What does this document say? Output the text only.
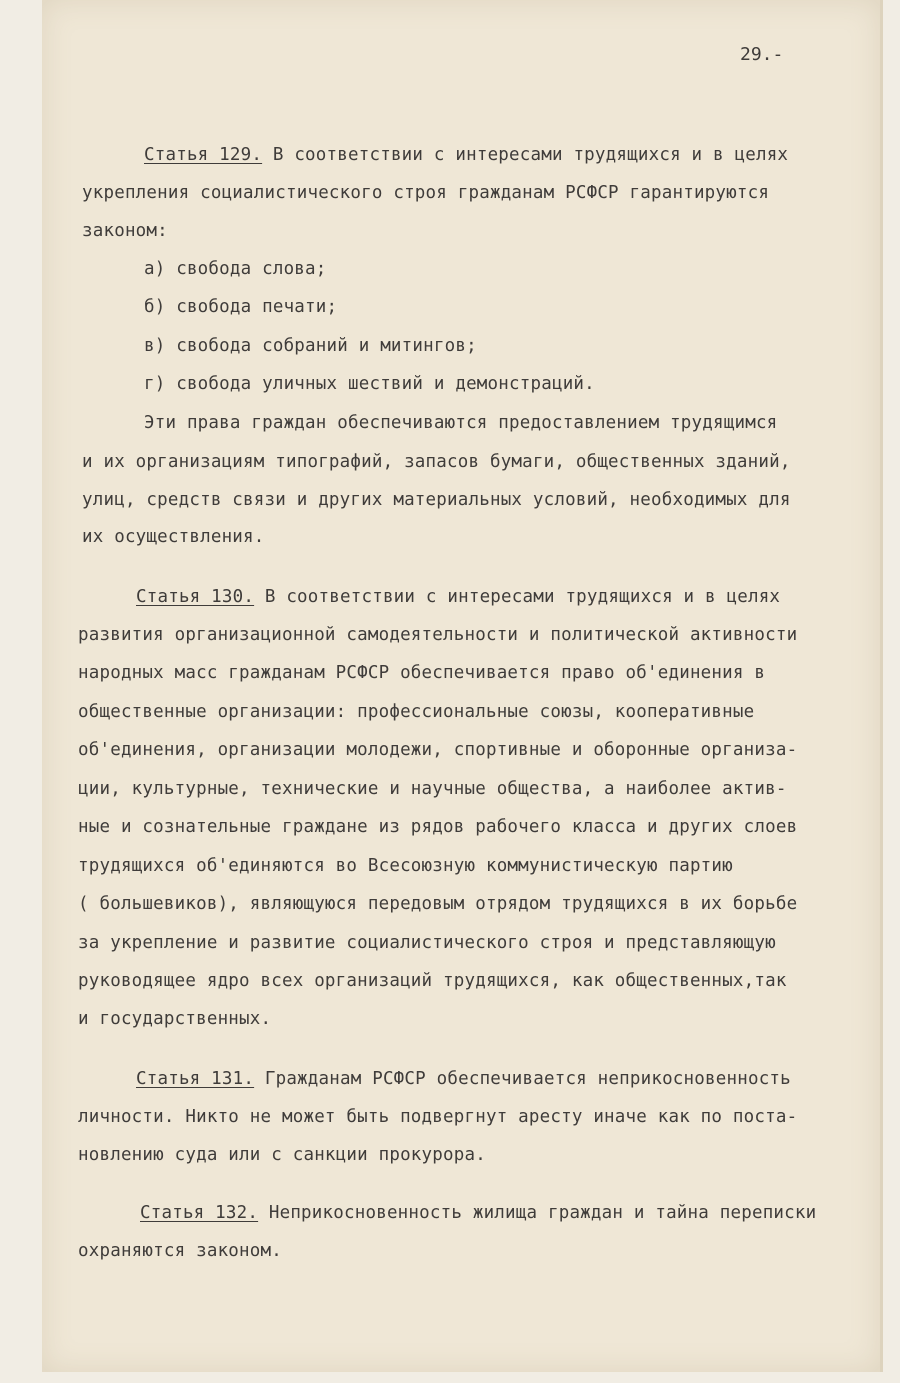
29.-

Статья 129. В соответствии с интересами трудящихся и в целях

укрепления социалистического строя гражданам РСФСР гарантируются

законом:

а) свобода слова;

б) свобода печати;

в) свобода собраний и митингов;

г) свобода уличных шествий и демонстраций.

Эти права граждан обеспечиваются предоставлением трудящимся

и их организациям типографий, запасов бумаги, общественных зданий,

улиц, средств связи и других материальных условий, необходимых для

их осуществления.

Статья 130. В соответствии с интересами трудящихся и в целях

развития организационной самодеятельности и политической активности

народных масс гражданам РСФСР обеспечивается право об'единения в

общественные организации: профессиональные союзы, кооперативные

об'единения, организации молодежи, спортивные и оборонные организа-

ции, культурные, технические и научные общества, а наиболее актив-

ные и сознательные граждане из рядов рабочего класса и других слоев

трудящихся об'единяются во Всесоюзную коммунистическую партию

( большевиков), являющуюся передовым отрядом трудящихся в их борьбе

за укрепление и развитие социалистического строя и представляющую

руководящее ядро всех организаций трудящихся, как общественных,так

и государственных.

Статья 131. Гражданам РСФСР обеспечивается неприкосновенность

личности. Никто не может быть подвергнут аресту иначе как по поста-

новлению суда или с санкции прокурора.

Статья 132. Неприкосновенность жилища граждан и тайна переписки

охраняются законом.
